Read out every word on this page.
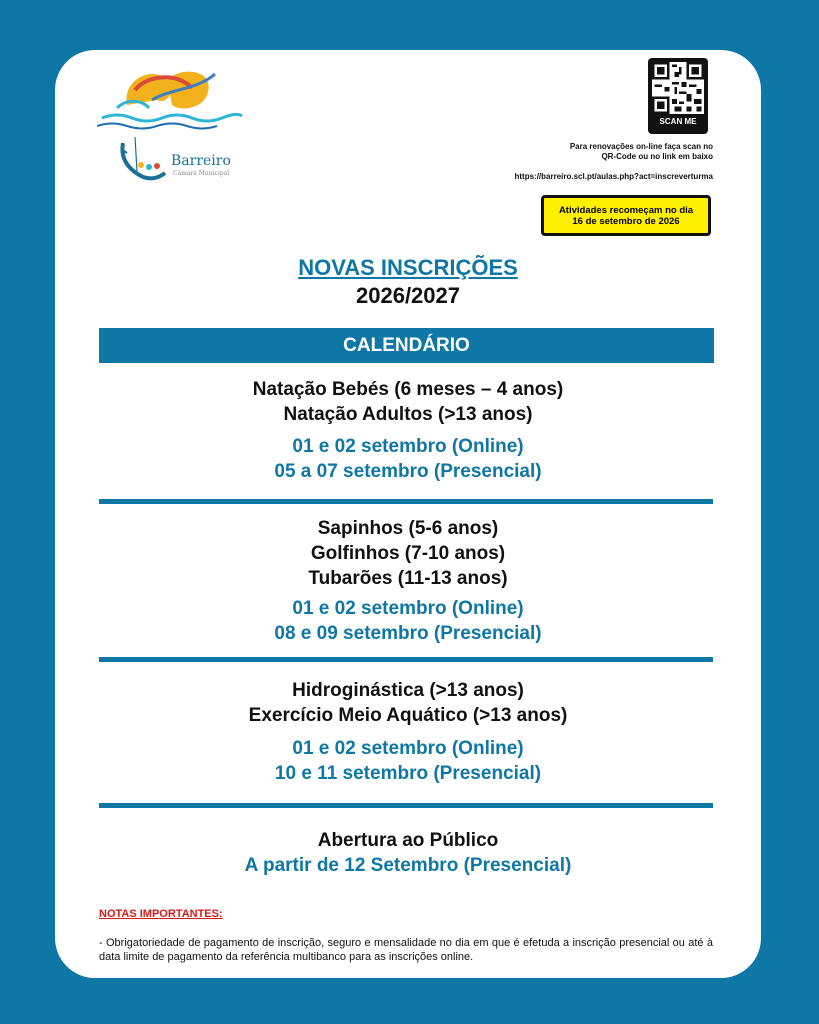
Barreiro
Câmara Municipal
SCAN ME
Para renovações on-line faça scan no
QR-Code ou no link em baixo
https://barreiro.scl.pt/aulas.php?act=inscreverturma
Atividades recomeçam no dia
16 de setembro de 2026
NOVAS INSCRIÇÕES
2026/2027
CALENDÁRIO
Natação Bebés (6 meses – 4 anos)
Natação Adultos (>13 anos)
01 e 02 setembro (Online)
05 a 07 setembro (Presencial)
Sapinhos (5-6 anos)
Golfinhos (7-10 anos)
Tubarões (11-13 anos)
01 e 02 setembro (Online)
08 e 09 setembro (Presencial)
Hidroginástica (>13 anos)
Exercício Meio Aquático (>13 anos)
01 e 02 setembro (Online)
10 e 11 setembro (Presencial)
Abertura ao Público
A partir de 12 Setembro (Presencial)
NOTAS IMPORTANTES:
- Obrigatoriedade de pagamento de inscrição, seguro e mensalidade no dia em que é efetuda a inscrição presencial ou até à data limite de pagamento da referência multibanco para as inscrições online.
